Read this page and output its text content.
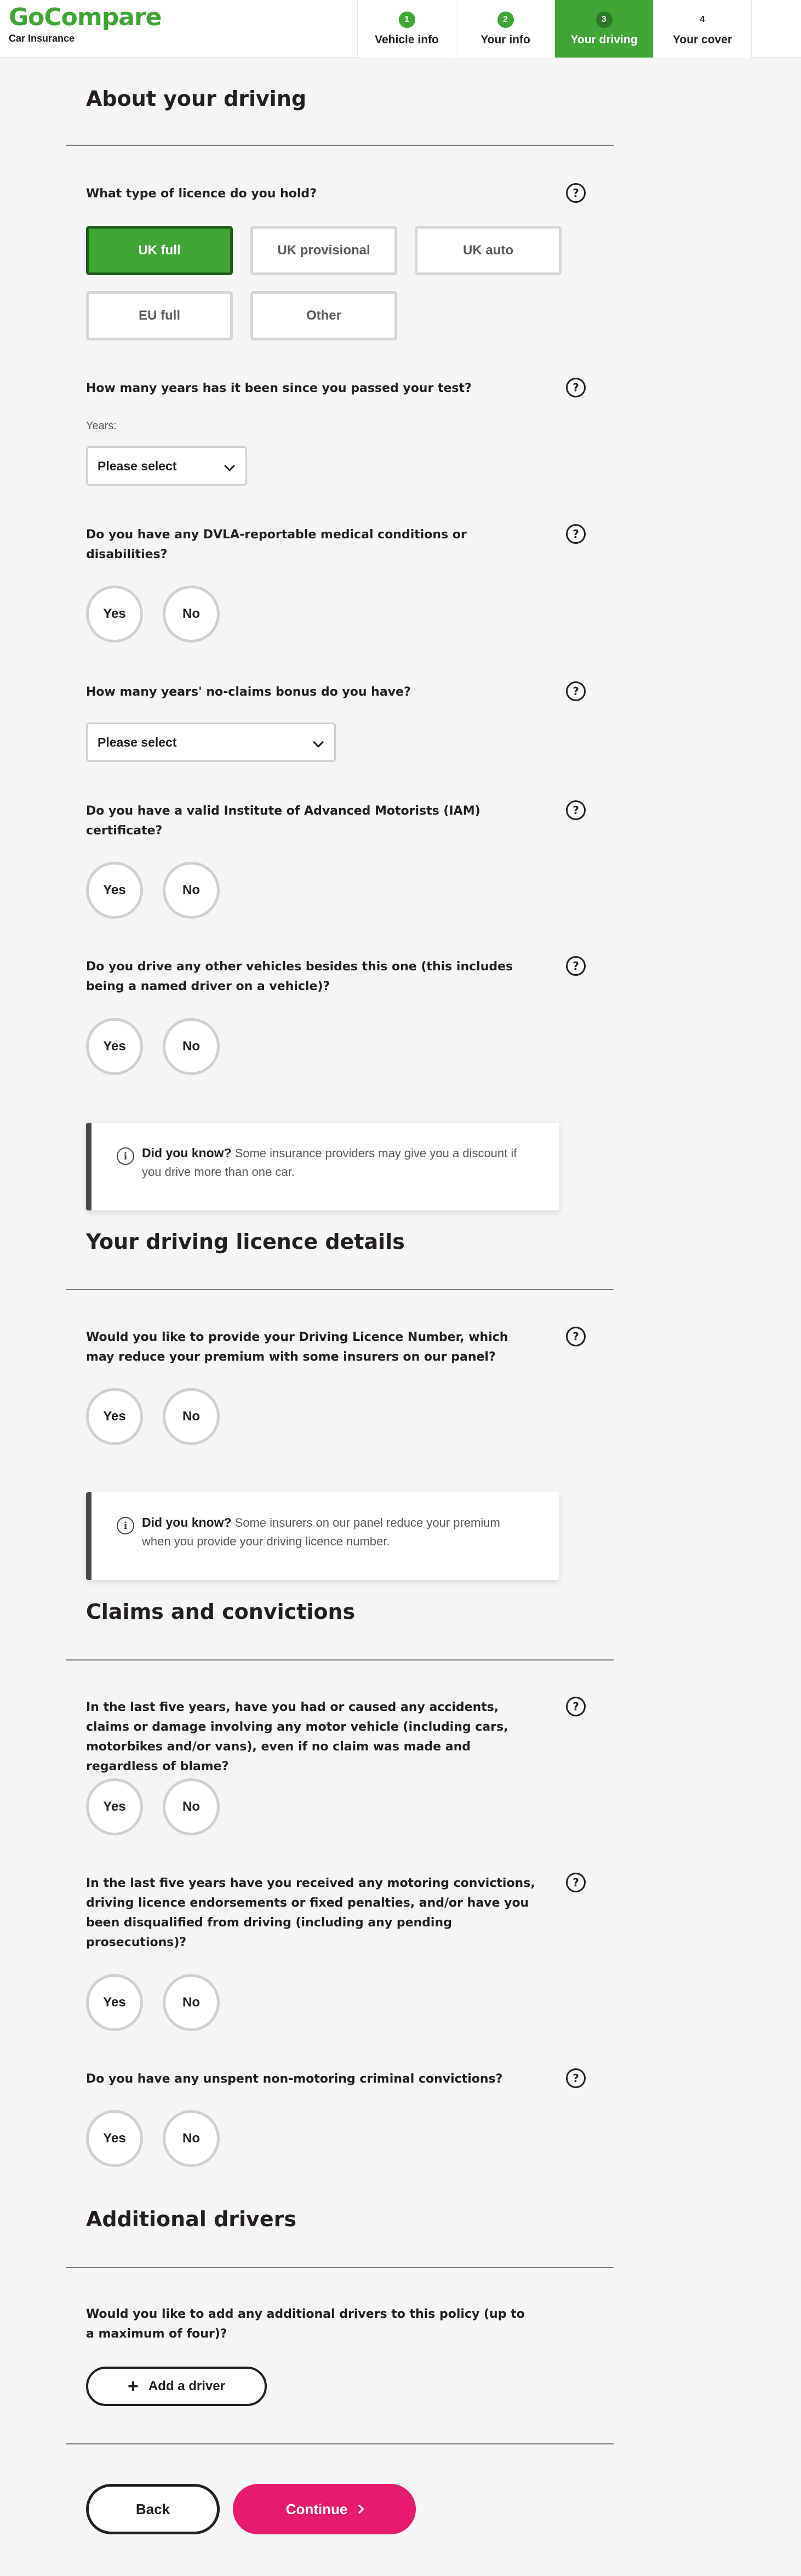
GoCompare
Car Insurance
1
Vehicle info
2
Your info
3
Your driving
4
Your cover
About your driving
What type of licence do you hold?	?
UK full	UK provisional	UK auto
EU full	Other
How many years has it been since you passed your test?	?
Years:
Please select
Do you have any DVLA-reportable medical conditions or disabilities?
?
Yes	No
How many years' no-claims bonus do you have?	?
Please select
Do you have a valid Institute of Advanced Motorists (IAM) certificate?
?
Yes	No
Do you drive any other vehicles besides this one (this includes being a named driver on a vehicle)?
?
Yes	No
i	Did you know? Some insurance providers may give you a discount if you drive more than one car.
Your driving licence details
Would you like to provide your Driving Licence Number, which may reduce your premium with some insurers on our panel?
?
Yes	No
i	Did you know? Some insurers on our panel reduce your premium when you provide your driving licence number.
Claims and convictions
In the last five years, have you had or caused any accidents, claims or damage involving any motor vehicle (including cars, motorbikes and/or vans), even if no claim was made and regardless of blame?
?
Yes	No
In the last five years have you received any motoring convictions, driving licence endorsements or fixed penalties, and/or have you been disqualified from driving (including any pending prosecutions)?
?
Yes	No
Do you have any unspent non-motoring criminal convictions?	?
Yes	No
Additional drivers
Would you like to add any additional drivers to this policy (up to a maximum of four)?
+ Add a driver
Back	Continue
